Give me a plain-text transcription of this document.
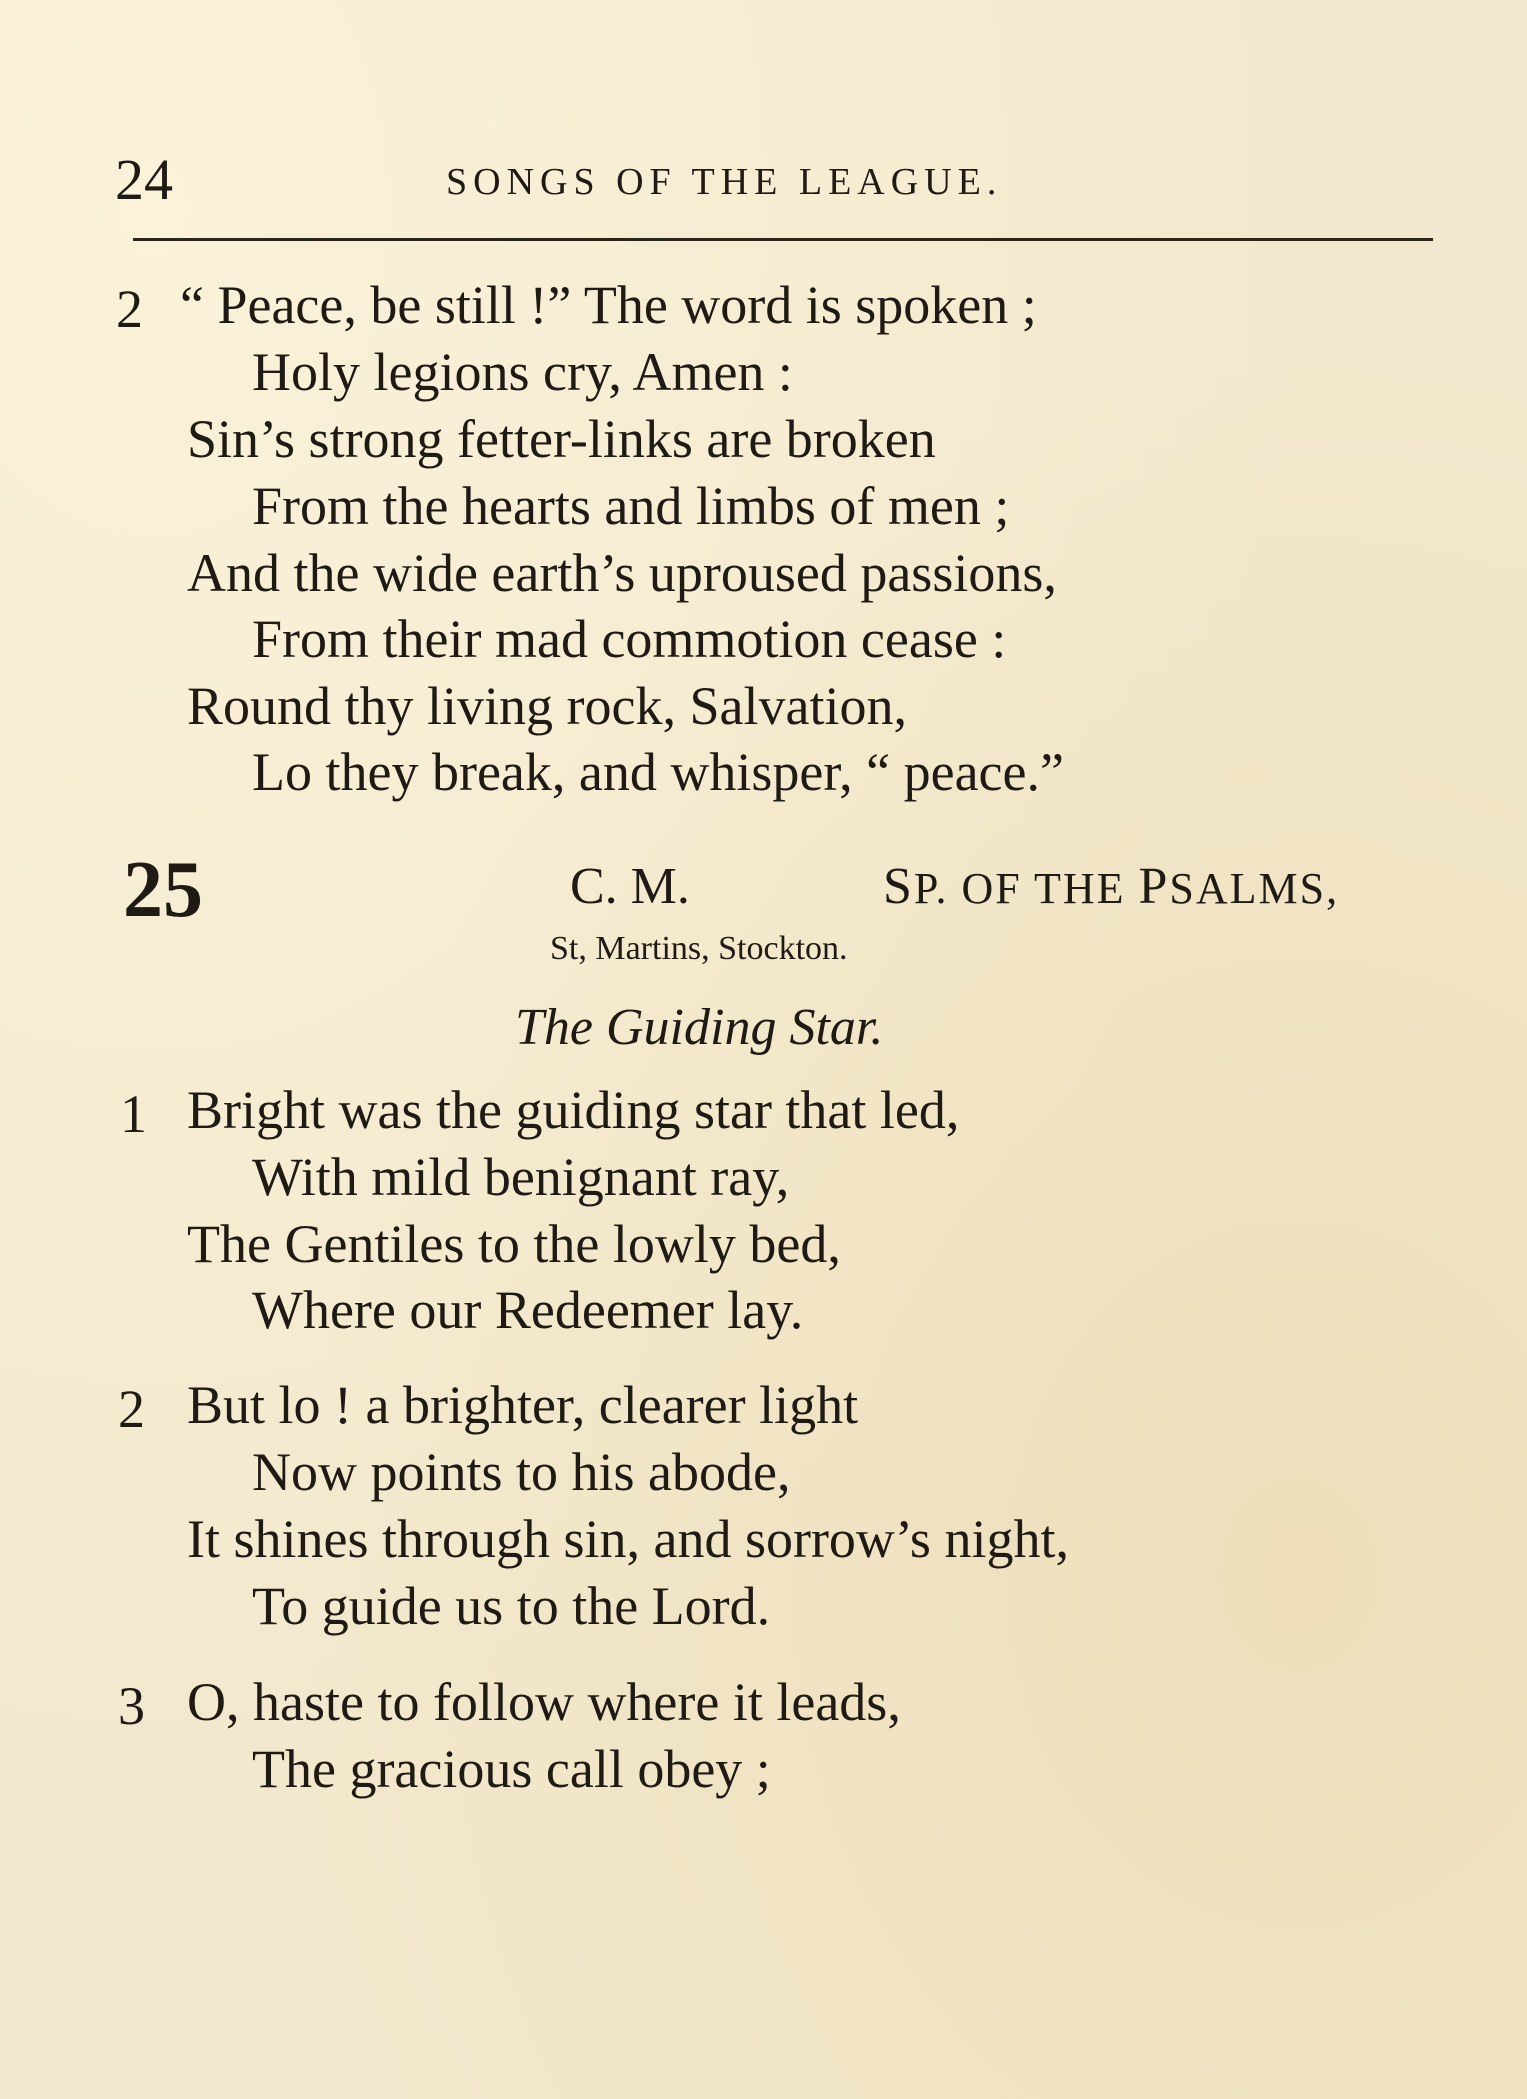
24	SONGS OF THE LEAGUE.
2 “ Peace, be still !” The word is spoken ;
Holy legions cry, Amen :
Sin’s strong fetter-links are broken
From the hearts and limbs of men ;
And the wide earth’s uproused passions,
From their mad commotion cease :
Round thy living rock, Salvation,
Lo they break, and whisper, “ peace.”
25	C. M.	SP. OF THE PSALMS,
St, Martins, Stockton.
The Guiding Star.
1 Bright was the guiding star that led,
With mild benignant ray,
The Gentiles to the lowly bed,
Where our Redeemer lay.
2 But lo ! a brighter, clearer light
Now points to his abode,
It shines through sin, and sorrow’s night,
To guide us to the Lord.
3 O, haste to follow where it leads,
The gracious call obey ;
